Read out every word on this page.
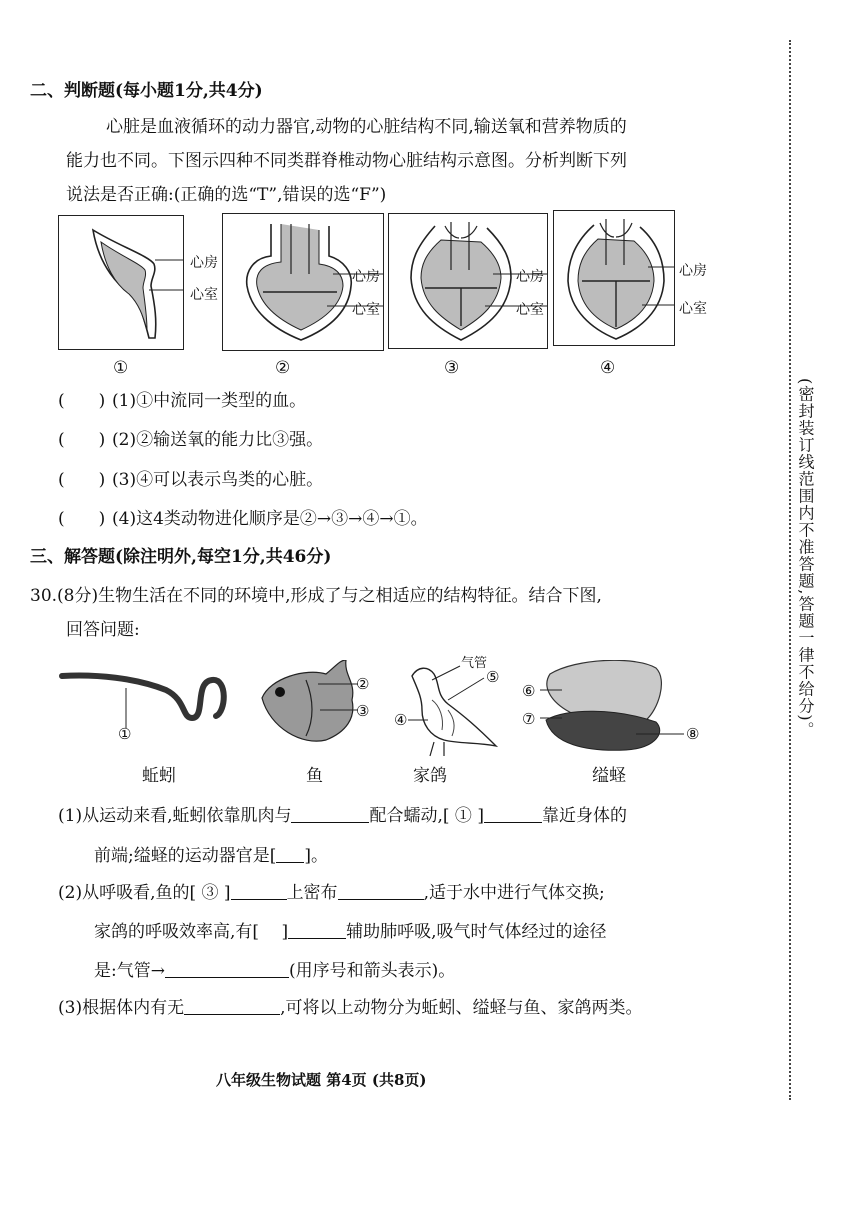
二、判断题(每小题1分,共4分)
心脏是血液循环的动力器官,动物的心脏结构不同,输送氧和营养物质的
能力也不同。下图示四种不同类群脊椎动物心脏结构示意图。分析判断下列
说法是否正确:(正确的选“T”,错误的选“F”)
心房
心室
①
心房
心室
②
心房
心室
③
心房
心室
④
(　　) (1)①中流同一类型的血。
(　　) (2)②输送氧的能力比③强。
(　　) (3)④可以表示鸟类的心脏。
(　　) (4)这4类动物进化顺序是②→③→④→①。
三、解答题(除注明外,每空1分,共46分)
30.(8分)生物生活在不同的环境中,形成了与之相适应的结构特征。结合下图,
回答问题:
①
②
③
气管
⑤
④
⑥
⑦
⑧
蚯蚓	鱼	家鸽	缢蛏
(1)从运动来看,蚯蚓依靠肌肉与	配合蠕动,[ ① ]	靠近身体的
前端;缢蛏的运动器官是[ ]。
(2)从呼吸看,鱼的[ ③ ]	上密布	,适于水中进行气体交换;
家鸽的呼吸效率高,有[　 ]	辅助肺呼吸,吸气时气体经过的途径
是:气管→	(用序号和箭头表示)。
(3)根据体内有无	,可将以上动物分为蚯蚓、缢蛏与鱼、家鸽两类。
八年级生物试题 第4页 (共8页)
(密封装订线范围内不准答题,答题一律不给分)。
